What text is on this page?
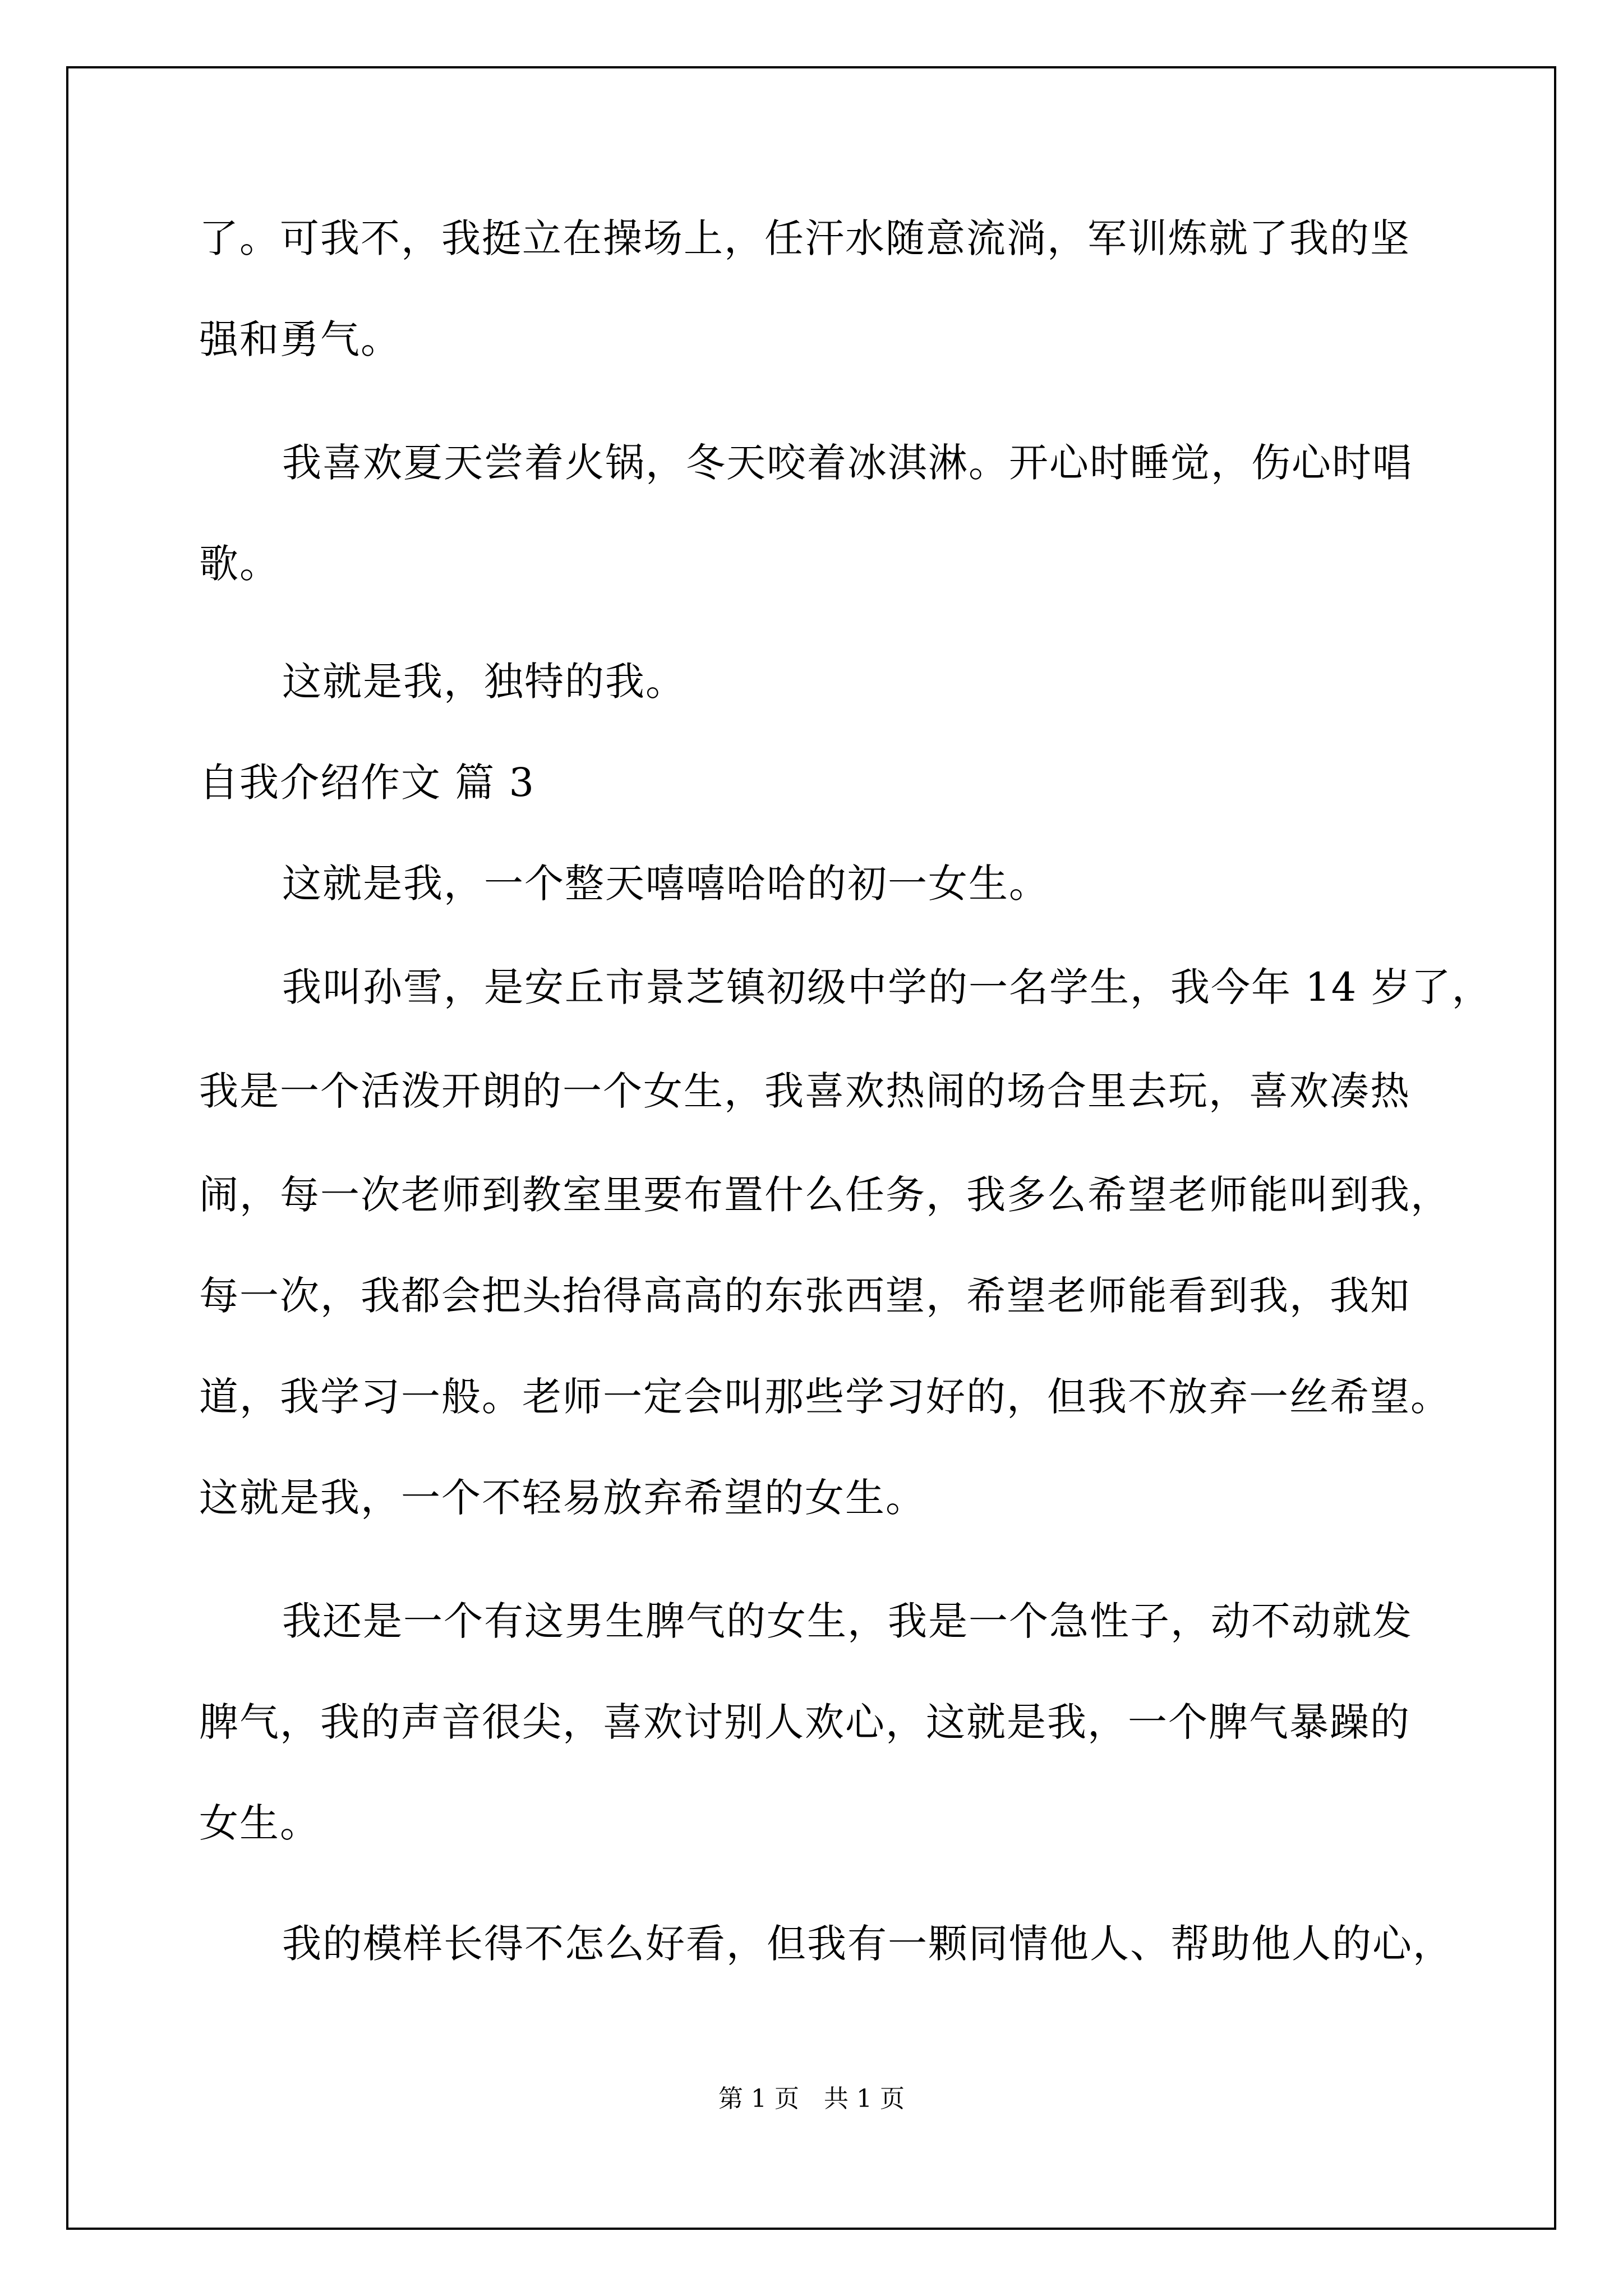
了。可我不，我挺立在操场上，任汗水随意流淌，军训炼就了我的坚
强和勇气。
我喜欢夏天尝着火锅，冬天咬着冰淇淋。开心时睡觉，伤心时唱
歌。
这就是我，独特的我。
自我介绍作文 篇 3
这就是我，一个整天嘻嘻哈哈的初一女生。
我叫孙雪，是安丘市景芝镇初级中学的一名学生，我今年 14 岁了，
我是一个活泼开朗的一个女生，我喜欢热闹的场合里去玩，喜欢凑热
闹，每一次老师到教室里要布置什么任务，我多么希望老师能叫到我，
每一次，我都会把头抬得高高的东张西望，希望老师能看到我，我知
道，我学习一般。老师一定会叫那些学习好的，但我不放弃一丝希望。
这就是我，一个不轻易放弃希望的女生。
我还是一个有这男生脾气的女生，我是一个急性子，动不动就发
脾气，我的声音很尖，喜欢讨别人欢心，这就是我，一个脾气暴躁的
女生。
我的模样长得不怎么好看，但我有一颗同情他人、帮助他人的心，
第 1 页　共 1 页
